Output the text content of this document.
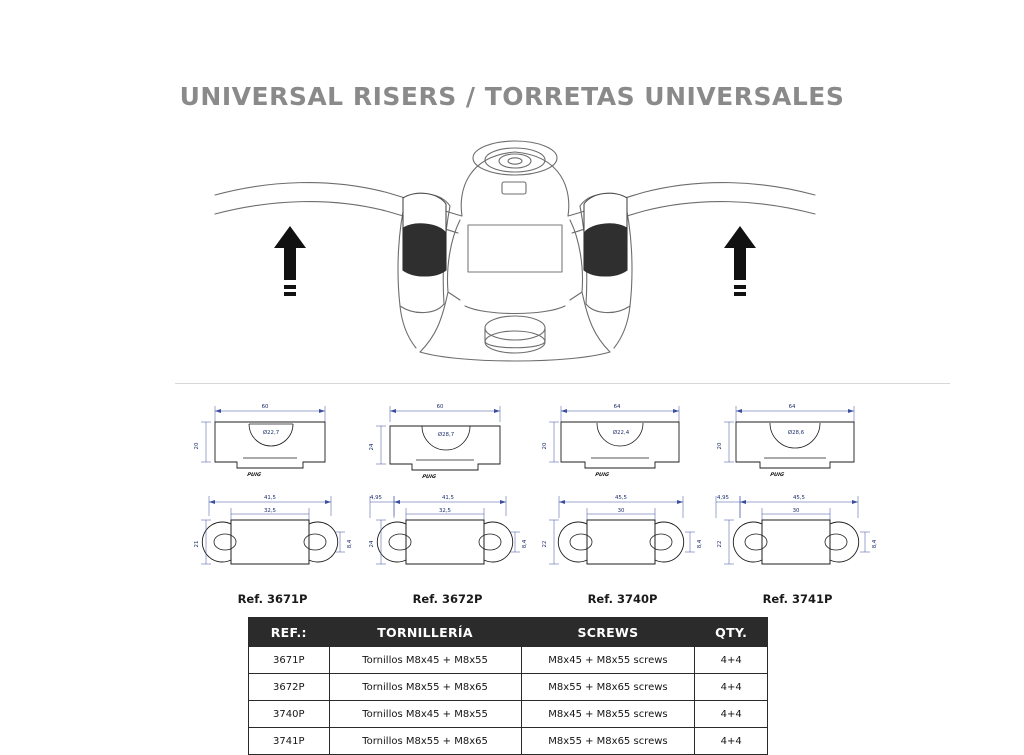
UNIVERSAL RISERS / TORRETAS UNIVERSALES
60
Ø22,7
20
PUIG
41,5
32,5
21	8,4
Ref. 3671P
60
Ø28,7
24
PUIG
4,95	41,5
32,5
24	8,4
Ref. 3672P
64
Ø22,4
20
PUIG
45,5
30
22	8,4
Ref. 3740P
64
Ø28,6
20
PUIG
4,95	45,5
30
22	8,4
Ref. 3741P
REF.:	TORNILLERÍA	SCREWS	QTY.
3671P	Tornillos M8x45 + M8x55	M8x45 + M8x55 screws	4+4
3672P	Tornillos M8x55 + M8x65	M8x55 + M8x65 screws	4+4
3740P	Tornillos M8x45 + M8x55	M8x45 + M8x55 screws	4+4
3741P	Tornillos M8x55 + M8x65	M8x55 + M8x65 screws	4+4
